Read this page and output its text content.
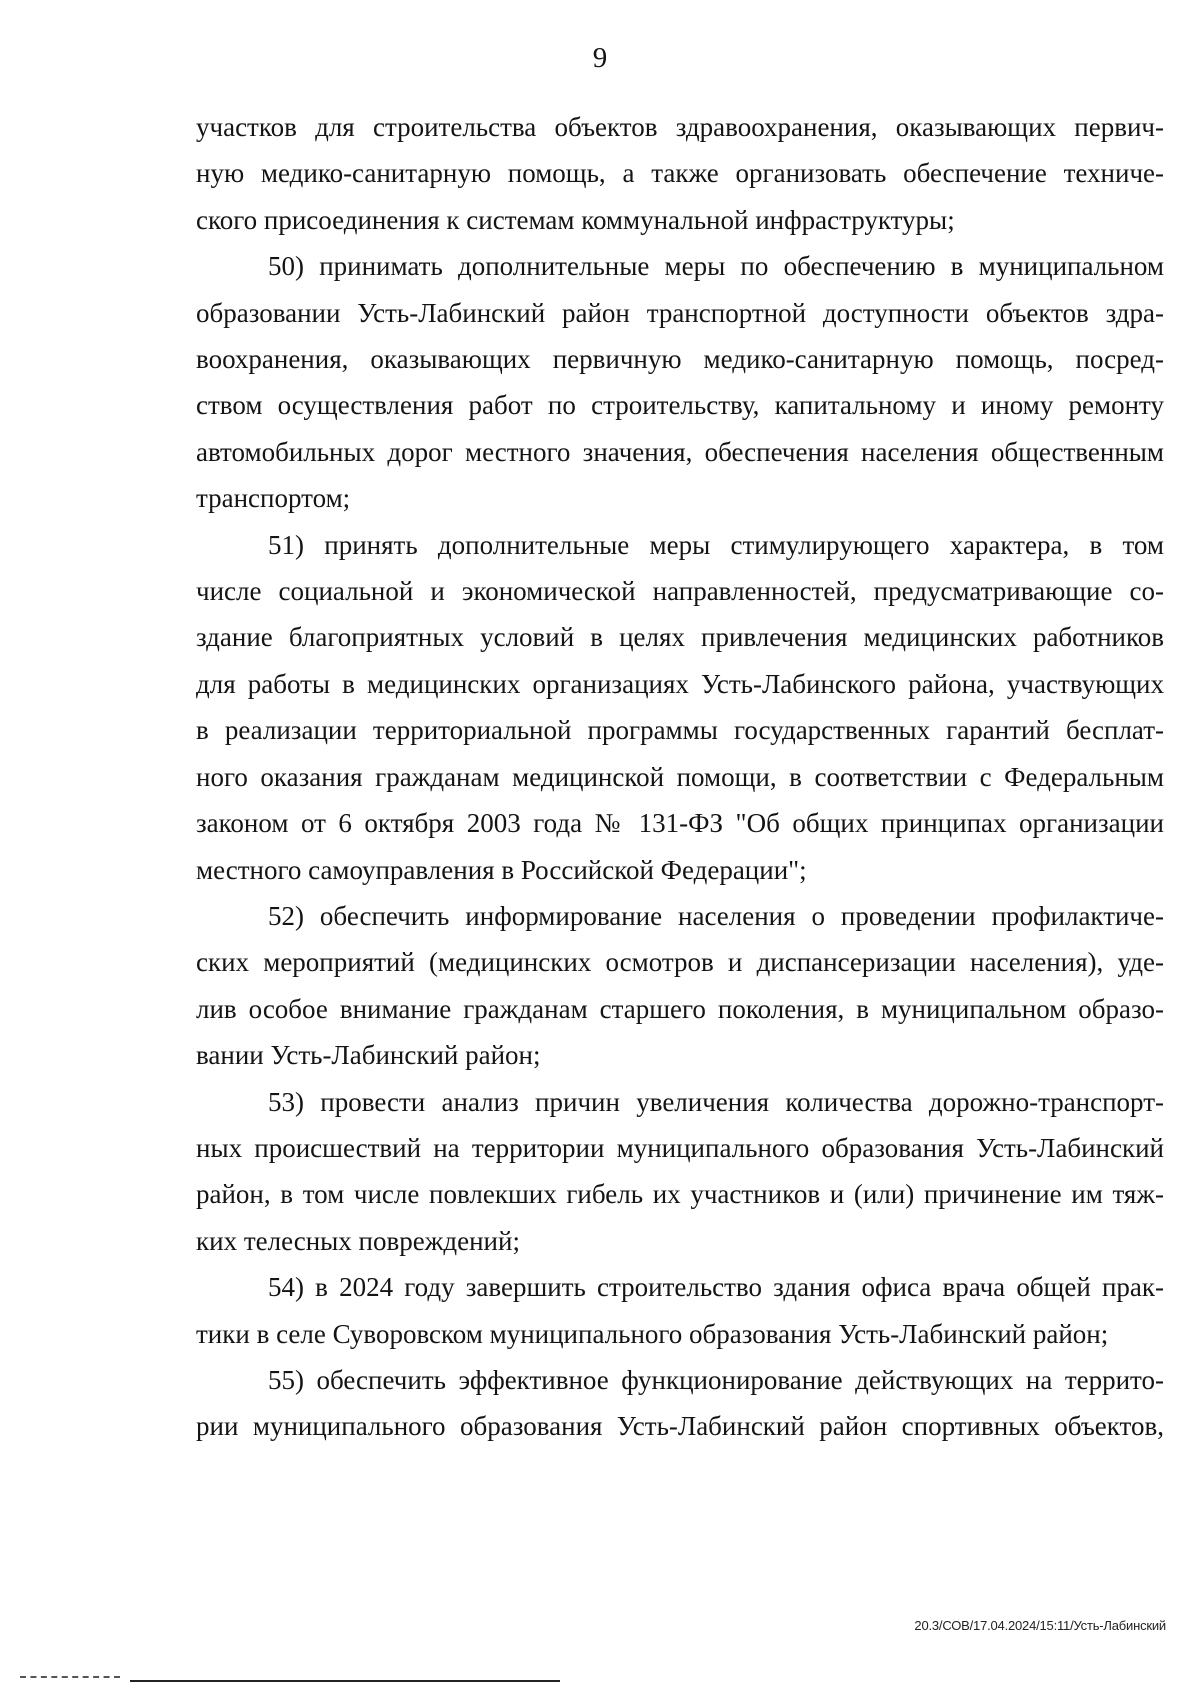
9
участков для строительства объектов здравоохранения, оказывающих первич-
ную медико-санитарную помощь, а также организовать обеспечение техниче-
ского присоединения к системам коммунальной инфраструктуры;
50) принимать дополнительные меры по обеспечению в муниципальном
образовании Усть-Лабинский район транспортной доступности объектов здра-
воохранения, оказывающих первичную медико-санитарную помощь, посред-
ством осуществления работ по строительству, капитальному и иному ремонту
автомобильных дорог местного значения, обеспечения населения общественным
транспортом;
51) принять дополнительные меры стимулирующего характера, в том
числе социальной и экономической направленностей, предусматривающие со-
здание благоприятных условий в целях привлечения медицинских работников
для работы в медицинских организациях Усть-Лабинского района, участвующих
в реализации территориальной программы государственных гарантий бесплат-
ного оказания гражданам медицинской помощи, в соответствии с Федеральным
законом от 6 октября 2003 года № 131-ФЗ "Об общих принципах организации
местного самоуправления в Российской Федерации";
52) обеспечить информирование населения о проведении профилактиче-
ских мероприятий (медицинских осмотров и диспансеризации населения), уде-
лив особое внимание гражданам старшего поколения, в муниципальном образо-
вании Усть-Лабинский район;
53) провести анализ причин увеличения количества дорожно-транспорт-
ных происшествий на территории муниципального образования Усть-Лабинский
район, в том числе повлекших гибель их участников и (или) причинение им тяж-
ких телесных повреждений;
54) в 2024 году завершить строительство здания офиса врача общей прак-
тики в селе Суворовском муниципального образования Усть-Лабинский район;
55) обеспечить эффективное функционирование действующих на террито-
рии муниципального образования Усть-Лабинский район спортивных объектов,
20.3/СОВ/17.04.2024/15:11/Усть-Лабинский
